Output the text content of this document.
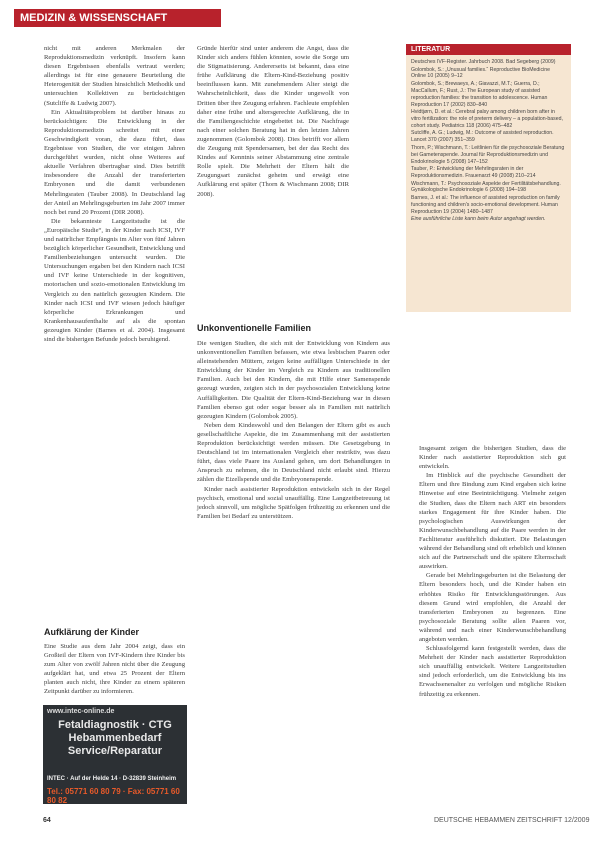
MEDIZIN & WISSENSCHAFT

nicht mit anderen Merkmalen der Reproduktionsmedizin verknüpft. Insofern kann diesen Ergebnissen ebenfalls vertraut werden; allerdings ist für eine genauere Beurteilung die Heterogenität der Studien hinsichtlich Methodik und untersuchten Kollektiven zu berücksichtigen (Sutcliffe & Ludwig 2007).

Ein Aktualitätsproblem ist darüber hinaus zu berücksichtigen: Die Entwicklung in der Reproduktionsmedizin schreitet mit einer Geschwindigkeit voran, die dazu führt, dass Ergebnisse von Studien, die vor einigen Jahren durchgeführt wurden, nicht ohne Weiteres auf aktuelle Verfahren übertragbar sind. Dies betrifft insbesondere die Anzahl der transferierten Embryonen und die damit verbundenen Mehrlingsraten (Tauber 2008). In Deutschland lag der Anteil an Mehrlingsgeburten im Jahr 2007 immer noch bei rund 20 Prozent (DIR 2008).

Die bekannteste Langzeitstudie ist die „Europäische Studie“, in der Kinder nach ICSI, IVF und natürlicher Empfängnis im Alter von fünf Jahren bezüglich körperlicher Gesundheit, Entwicklung und Familienbeziehungen untersucht wurden. Die Untersuchungen ergaben bei den Kindern nach ICSI und IVF keine Unterschiede in der kognitiven, motorischen und sozio-emotionalen Entwicklung im Vergleich zu den natürlich gezeugten Kindern. Die Kinder nach ICSI und IVF wiesen jedoch häufiger körperliche Erkrankungen und Krankenhausaufenthalte auf als die spontan gezeugten Kinder (Barnes et al. 2004). Insgesamt sind die bisherigen Befunde jedoch beruhigend.

Aufklärung der Kinder

Eine Studie aus dem Jahr 2004 zeigt, dass ein Großteil der Eltern von IVF-Kindern ihre Kinder bis zum Alter von zwölf Jahren nicht über die Zeugung aufgeklärt hat, und etwa 25 Prozent der Eltern planten auch nicht, ihre Kinder zu einem späteren Zeitpunkt darüber zu informieren.

Gründe hierfür sind unter anderem die Angst, dass die Kinder sich anders fühlen könnten, sowie die Sorge um die Stigmatisierung. Andererseits ist bekannt, dass eine frühe Aufklärung die Eltern-Kind-Beziehung positiv beeinflussen kann. Mit zunehmendem Alter steigt die Wahrscheinlichkeit, dass die Kinder ungewollt von Dritten über ihre Zeugung erfahren. Fachleute empfehlen daher eine frühe und altersgerechte Aufklärung, die in die Familiengeschichte eingebettet ist. Die Nachfrage nach einer solchen Beratung hat in den letzten Jahren zugenommen (Golombok 2008). Dies betrifft vor allem die Zeugung mit Spendersamen, bei der das Recht des Kindes auf Kenntnis seiner Abstammung eine zentrale Rolle spielt. Die Mehrheit der Eltern hält die Zeugungsart zunächst geheim und erwägt eine Aufklärung erst später (Thorn & Wischmann 2008; DIR 2008).

Unkonventionelle Familien

Die wenigen Studien, die sich mit der Entwicklung von Kindern aus unkonventionellen Familien befassen, wie etwa lesbischen Paaren oder alleinstehenden Müttern, zeigen keine auffälligen Unterschiede in der Entwicklung der Kinder im Vergleich zu Kindern aus traditionellen Familien. Auch bei den Kindern, die mit Hilfe einer Samenspende gezeugt wurden, zeigten sich in der psychosozialen Entwicklung keine Auffälligkeiten. Die Qualität der Eltern-Kind-Beziehung war in diesen Familien ebenso gut oder sogar besser als in Familien mit natürlich gezeugten Kindern (Golombok 2005).

Neben dem Kindeswohl und den Belangen der Eltern gibt es auch gesellschaftliche Aspekte, die im Zusammenhang mit der assistierten Reproduktion berücksichtigt werden müssen. Die Gesetzgebung in Deutschland ist im internationalen Vergleich eher restriktiv, was dazu führt, dass viele Paare ins Ausland gehen, um dort Behandlungen in Anspruch zu nehmen, die in Deutschland nicht erlaubt sind. Hierzu zählen die Eizellspende und die Embryonenspende.

Kinder nach assistierter Reproduktion entwickeln sich in der Regel psychisch, emotional und sozial unauffällig. Eine Langzeitbetreuung ist jedoch sinnvoll, um mögliche Spätfolgen frühzeitig zu erkennen und die Familien bei Bedarf zu unterstützen.

LITERATUR
Deutsches IVF-Register. Jahrbuch 2008. Bad Segeberg (2009)
Golombok, S.: „Unusual families.“ Reproductive BioMedicine Online 10 (2005) 9–12
Golombok, S.; Brewaeys, A.; Giavazzi, M.T.; Guerra, D.; MacCallum, F.; Rust, J.: The European study of assisted reproduction families: the transition to adolescence. Human Reproduction 17 (2002) 830–840
Hvidtjørn, D. et al.: Cerebral palsy among children born after in vitro fertilization: the role of preterm delivery – a population-based, cohort study. Pediatrics 118 (2006) 475–482
Sutcliffe, A. G.; Ludwig, M.: Outcome of assisted reproduction. Lancet 370 (2007) 351–359
Thorn, P.; Wischmann, T.: Leitlinien für die psychosoziale Beratung bei Gametenspende. Journal für Reproduktionsmedizin und Endokrinologie 5 (2008) 147–152
Tauber, P.: Entwicklung der Mehrlingsraten in der Reproduktionsmedizin. Frauenarzt 49 (2008) 210–214
Wischmann, T.: Psychosoziale Aspekte der Fertilitätsbehandlung. Gynäkologische Endokrinologie 6 (2008) 194–198
Barnes, J. et al.: The influence of assisted reproduction on family functioning and children's socio-emotional development. Human Reproduction 19 (2004) 1480–1487
Eine ausführliche Liste kann beim Autor angefragt werden.

Insgesamt zeigen die bisherigen Studien, dass die Kinder nach assistierter Reproduktion sich gut entwickeln.

Im Hinblick auf die psychische Gesundheit der Eltern und ihre Bindung zum Kind ergaben sich keine Hinweise auf eine Beeinträchtigung. Vielmehr zeigen die Studien, dass die Eltern nach ART ein besonders starkes Engagement für ihre Kinder haben. Die psychologischen Auswirkungen der Kinderwunschbehandlung auf die Paare werden in der Fachliteratur ausführlich diskutiert. Die Belastungen während der Behandlung sind oft erheblich und können sich auf die Partnerschaft und die spätere Elternschaft auswirken.

Gerade bei Mehrlingsgeburten ist die Belastung der Eltern besonders hoch, und die Kinder haben ein erhöhtes Risiko für Entwicklungsstörungen. Aus diesem Grund wird empfohlen, die Anzahl der transferierten Embryonen zu begrenzen. Eine psychosoziale Beratung sollte allen Paaren vor, während und nach einer Kinderwunschbehandlung angeboten werden.

Schlussfolgernd kann festgestellt werden, dass die Mehrheit der Kinder nach assistierter Reproduktion sich unauffällig entwickelt. Weitere Langzeitstudien sind jedoch erforderlich, um die Entwicklung bis ins Erwachsenenalter zu verfolgen und mögliche Risiken frühzeitig zu erkennen.

www.intec-online.de
Fetaldiagnostik · CTG Hebammenbedarf Service/Reparatur
INTEC · Auf der Helde 14 · D-32839 Steinheim
Tel.: 05771 60 80 79 · Fax: 05771 60 80 82
64	DEUTSCHE HEBAMMEN ZEITSCHRIFT 12/2009
